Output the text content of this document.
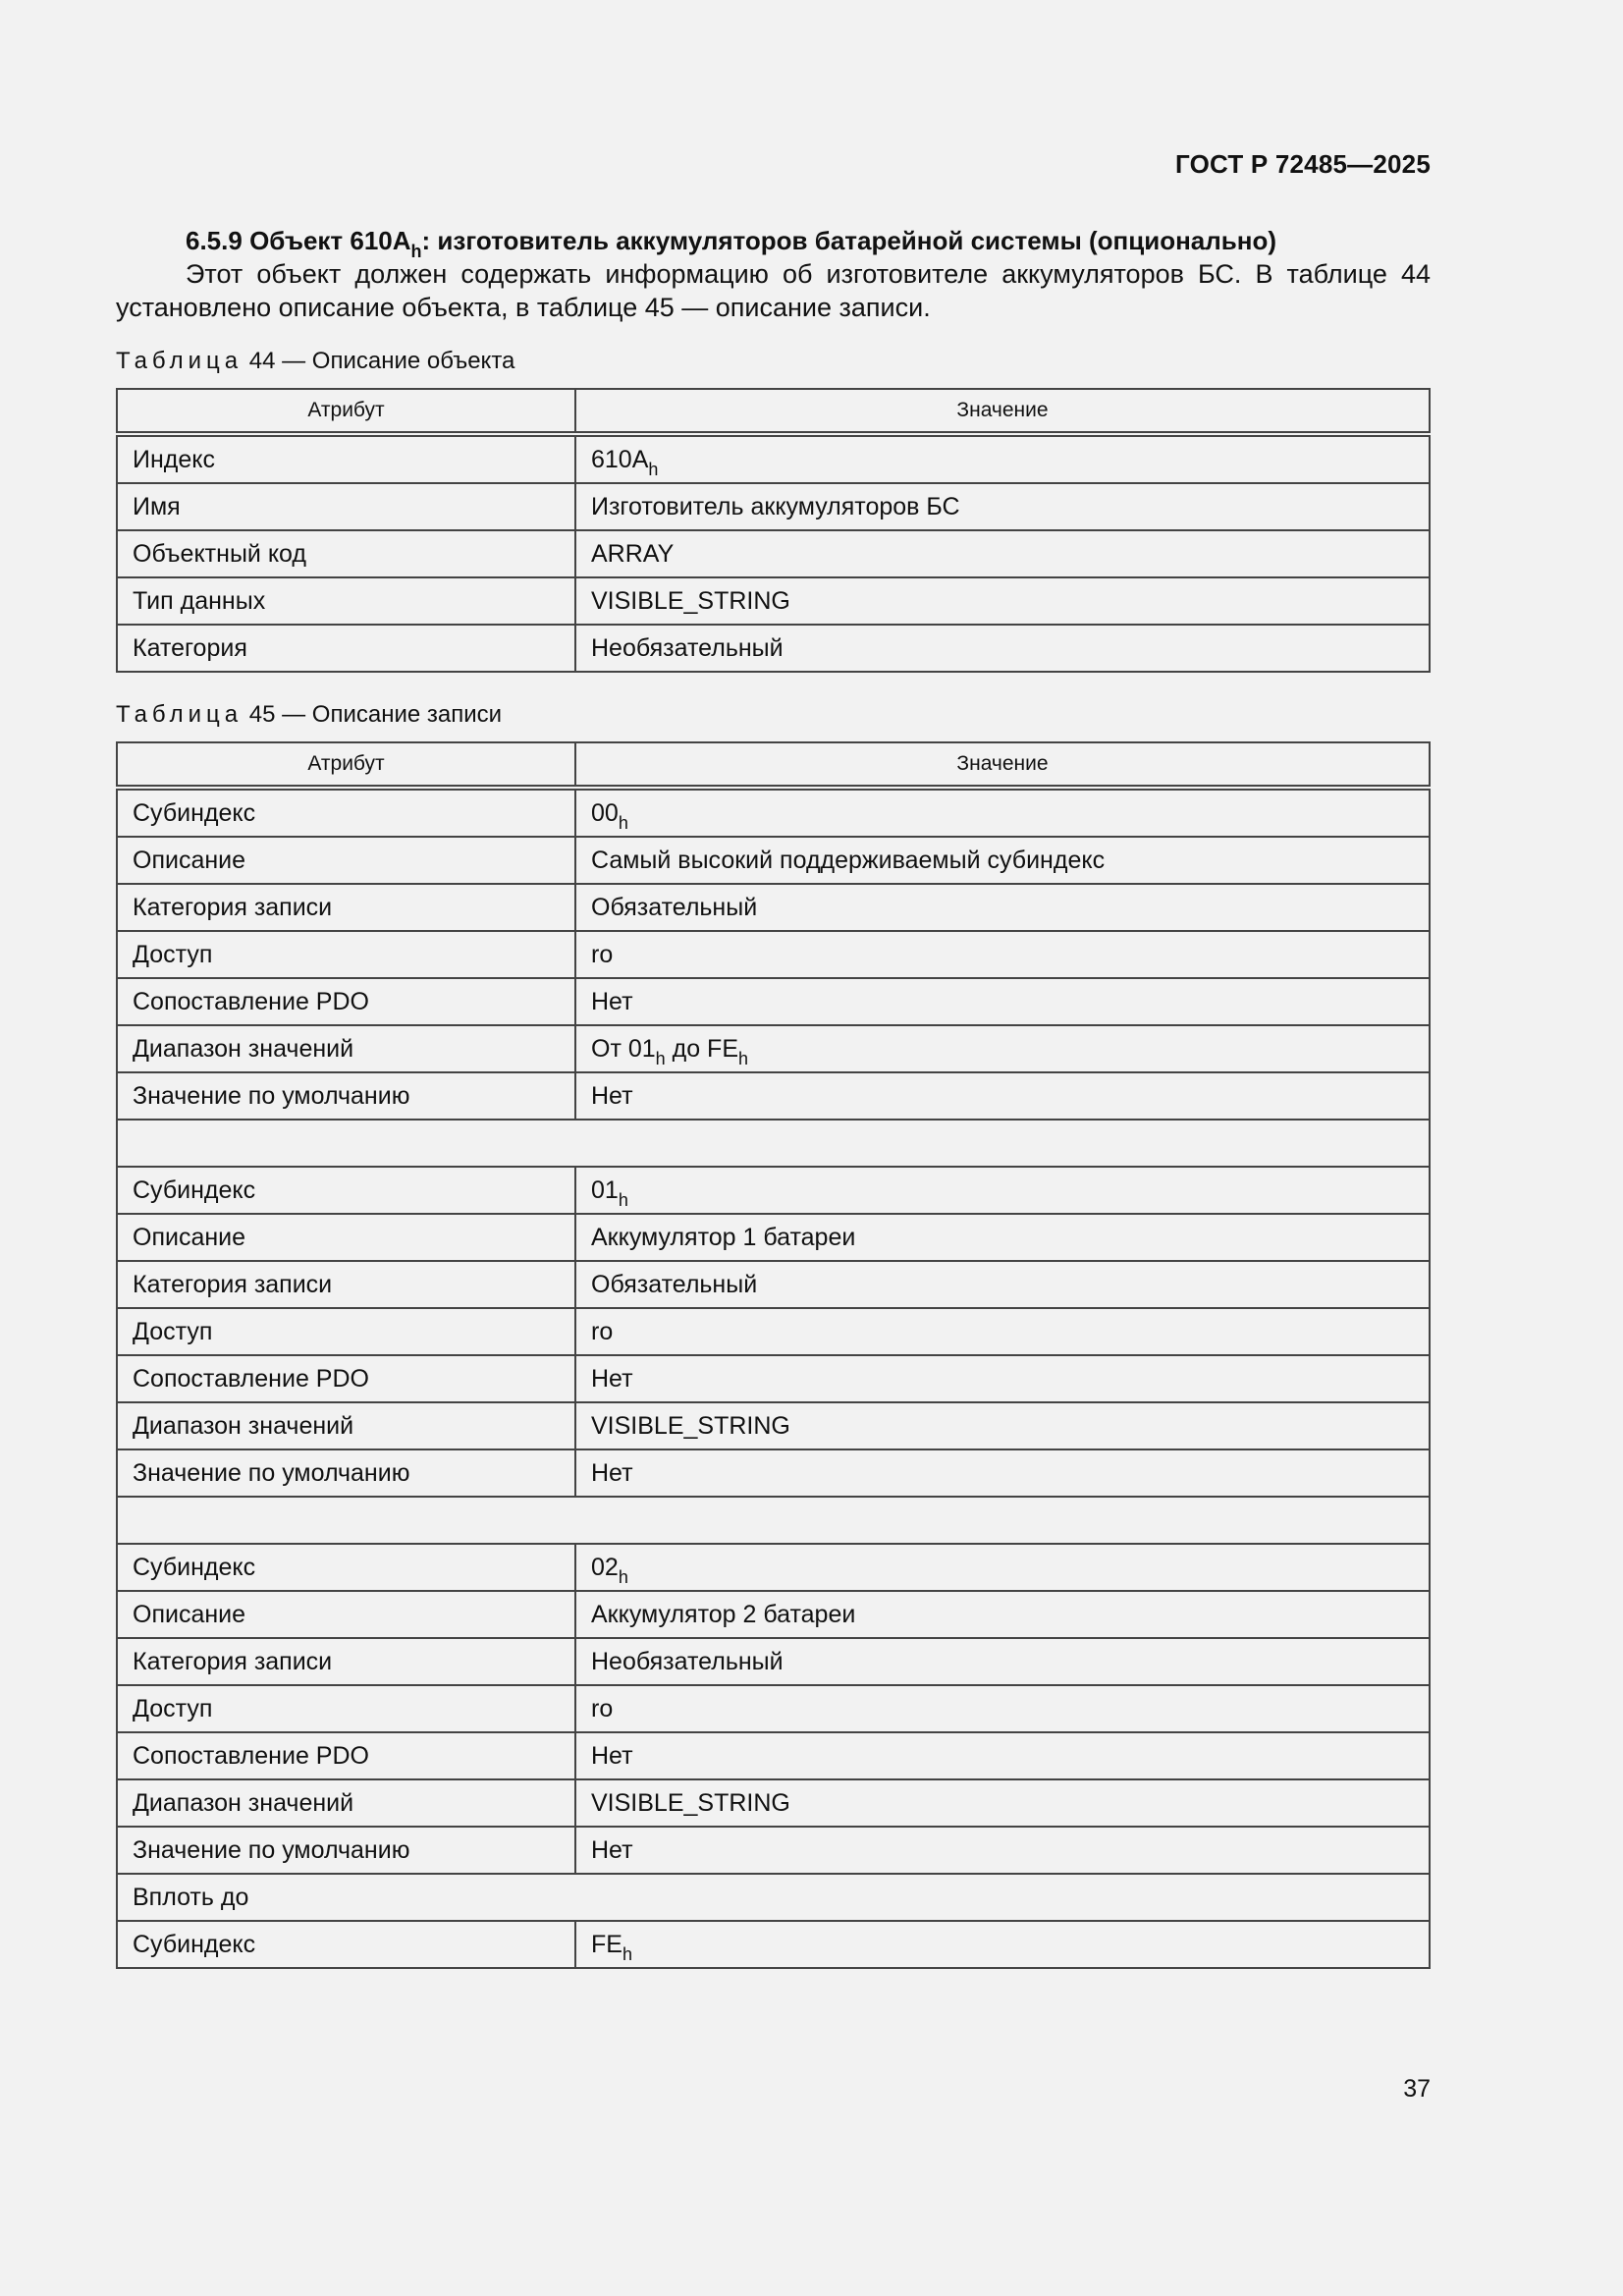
ГОСТ Р 72485—2025
6.5.9 Объект $610A_h$: изготовитель аккумуляторов батарейной системы (опционально)
Этот объект должен содержать информацию об изготовителе аккумуляторов БС. В таблице 44
установлено описание объекта, в таблице 45 — описание записи.
Таблица 44 — Описание объекта
Атрибут	Значение
Индекс	$610A_h$
Имя	Изготовитель аккумуляторов БС
Объектный код	ARRAY
Тип данных	VISIBLE_STRING
Категория	Необязательный
Таблица 45 — Описание записи
Атрибут	Значение
Субиндекс	$00_h$
Описание	Самый высокий поддерживаемый субиндекс
Категория записи	Обязательный
Доступ	ro
Сопоставление PDO	Нет
Диапазон значений	От $01_h$ до $FE_h$
Значение по умолчанию	Нет

Субиндекс	$01_h$
Описание	Аккумулятор 1 батареи
Категория записи	Обязательный
Доступ	ro
Сопоставление PDO	Нет
Диапазон значений	VISIBLE_STRING
Значение по умолчанию	Нет

Субиндекс	$02_h$
Описание	Аккумулятор 2 батареи
Категория записи	Необязательный
Доступ	ro
Сопоставление PDO	Нет
Диапазон значений	VISIBLE_STRING
Значение по умолчанию	Нет
Вплоть до	
Субиндекс	$FE_h$
37
